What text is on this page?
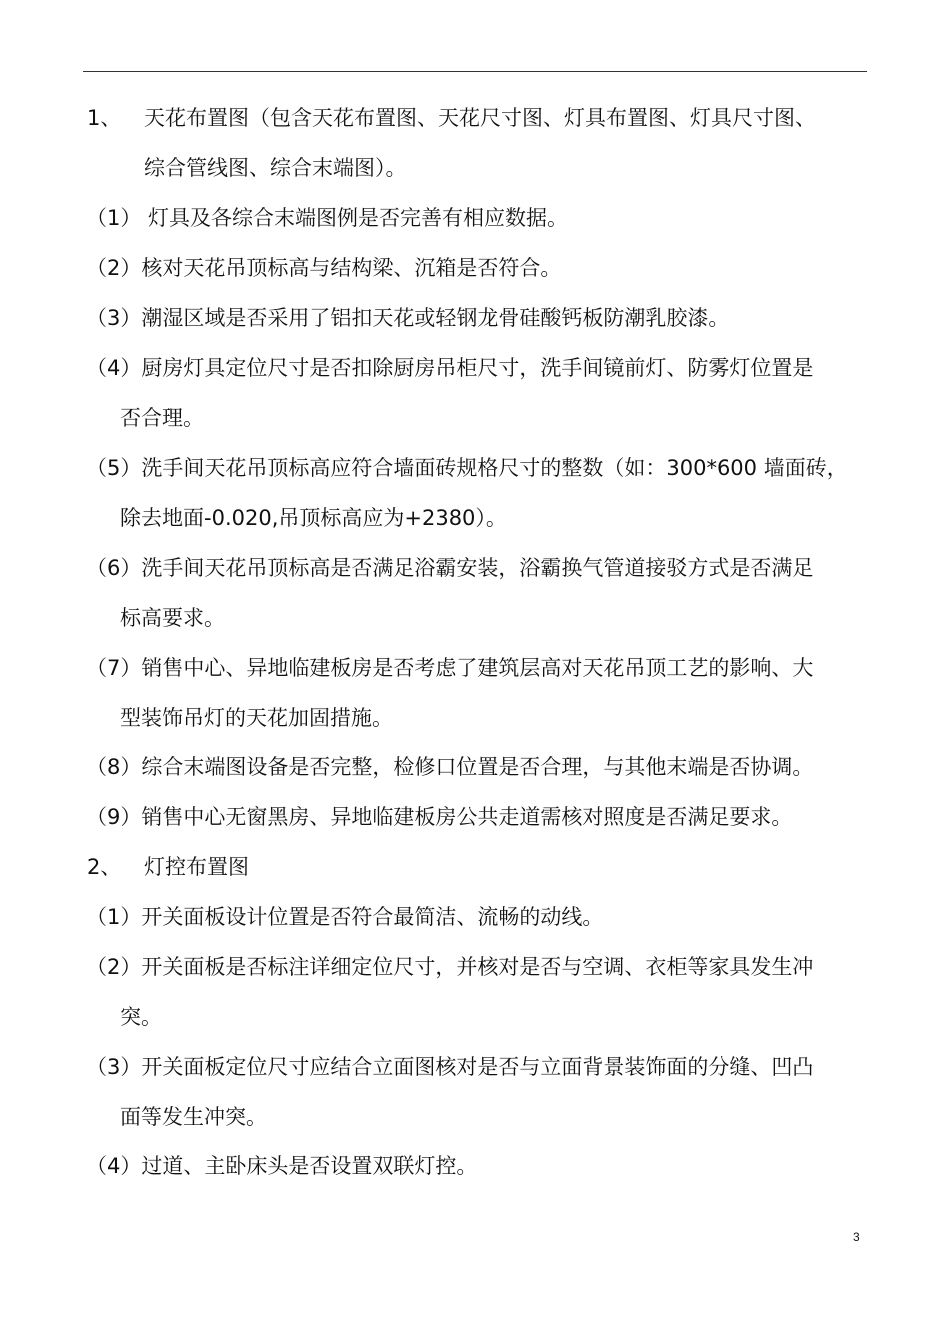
1、 天花布置图（包含天花布置图、天花尺寸图、灯具布置图、灯具尺寸图、
综合管线图、综合末端图）。
（1） 灯具及各综合末端图例是否完善有相应数据。
（2）核对天花吊顶标高与结构梁、沉箱是否符合。
（3）潮湿区域是否采用了铝扣天花或轻钢龙骨硅酸钙板防潮乳胶漆。
（4）厨房灯具定位尺寸是否扣除厨房吊柜尺寸，洗手间镜前灯、防雾灯位置是
否合理。
（5）洗手间天花吊顶标高应符合墙面砖规格尺寸的整数（如：300*600 墙面砖，
除去地面-0.020,吊顶标高应为+2380）。
（6）洗手间天花吊顶标高是否满足浴霸安装，浴霸换气管道接驳方式是否满足
标高要求。
（7）销售中心、异地临建板房是否考虑了建筑层高对天花吊顶工艺的影响、大
型装饰吊灯的天花加固措施。
（8）综合末端图设备是否完整，检修口位置是否合理，与其他末端是否协调。
（9）销售中心无窗黑房、异地临建板房公共走道需核对照度是否满足要求。
2、 灯控布置图
（1）开关面板设计位置是否符合最简洁、流畅的动线。
（2）开关面板是否标注详细定位尺寸，并核对是否与空调、衣柜等家具发生冲
突。
（3）开关面板定位尺寸应结合立面图核对是否与立面背景装饰面的分缝、凹凸
面等发生冲突。
（4）过道、主卧床头是否设置双联灯控。
3
